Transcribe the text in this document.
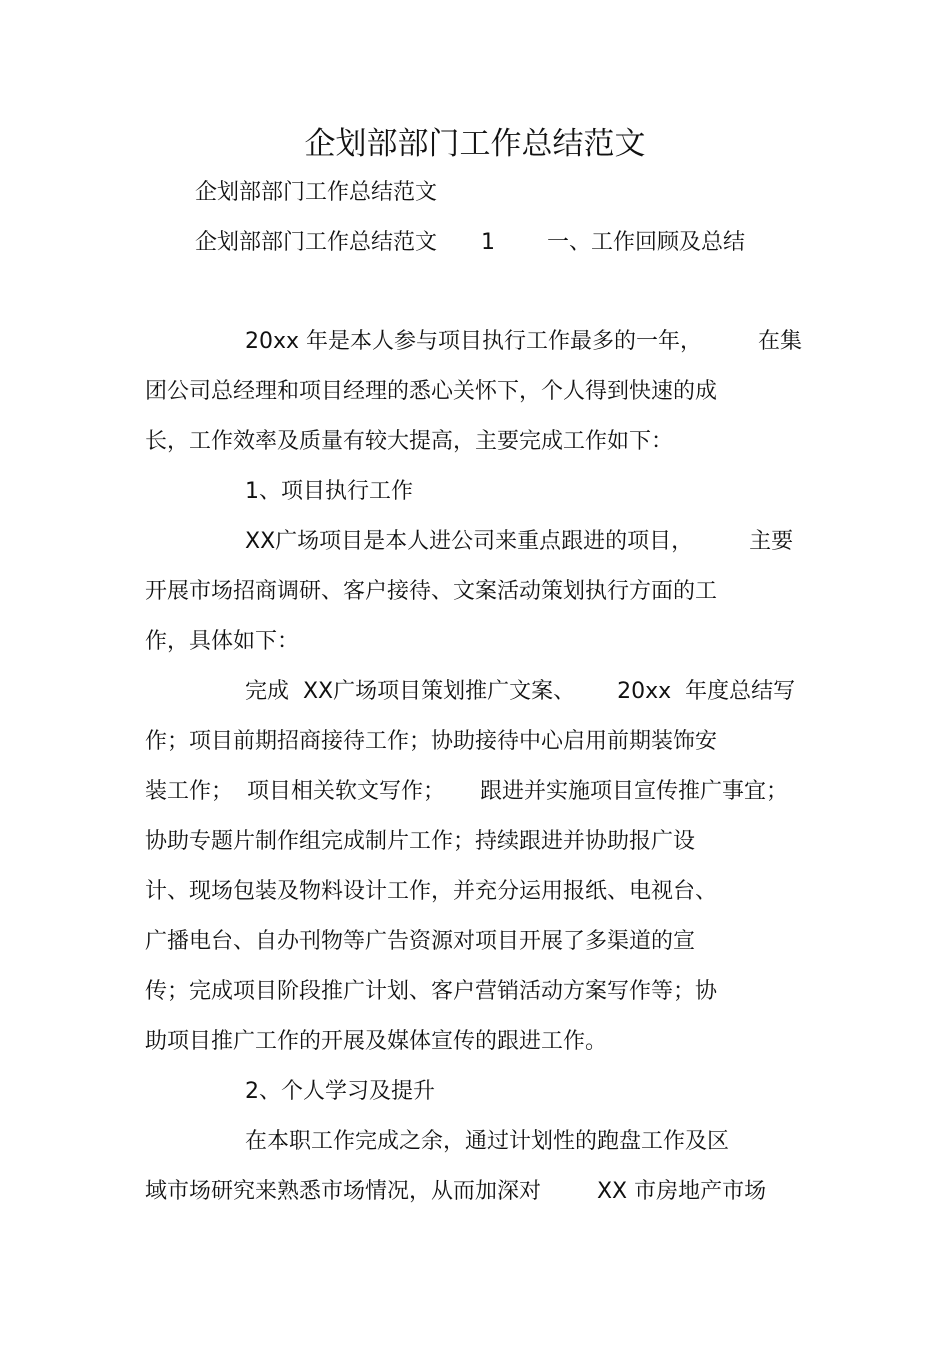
企划部部门工作总结范文
企划部部门工作总结范文
企划部部门工作总结范文 1 一、工作回顾及总结
20xx 年是本人参与项目执行工作最多的一年，        在集
团公司总经理和项目经理的悉心关怀下，个人得到快速的成
长，工作效率及质量有较大提高，主要完成工作如下：
1、项目执行工作
XX广场项目是本人进公司来重点跟进的项目，        主要
开展市场招商调研、客户接待、文案活动策划执行方面的工
作，具体如下：
完成  XX广场项目策划推广文案、      20xx  年度总结写
作；项目前期招商接待工作；协助接待中心启用前期装饰安
装工作；  项目相关软文写作；     跟进并实施项目宣传推广事宜；
协助专题片制作组完成制片工作；持续跟进并协助报广设
计、现场包装及物料设计工作，并充分运用报纸、电视台、
广播电台、自办刊物等广告资源对项目开展了多渠道的宣
传；完成项目阶段推广计划、客户营销活动方案写作等；协
助项目推广工作的开展及媒体宣传的跟进工作。
2、个人学习及提升
在本职工作完成之余，通过计划性的跑盘工作及区
域市场研究来熟悉市场情况，从而加深对        XX 市房地产市场
